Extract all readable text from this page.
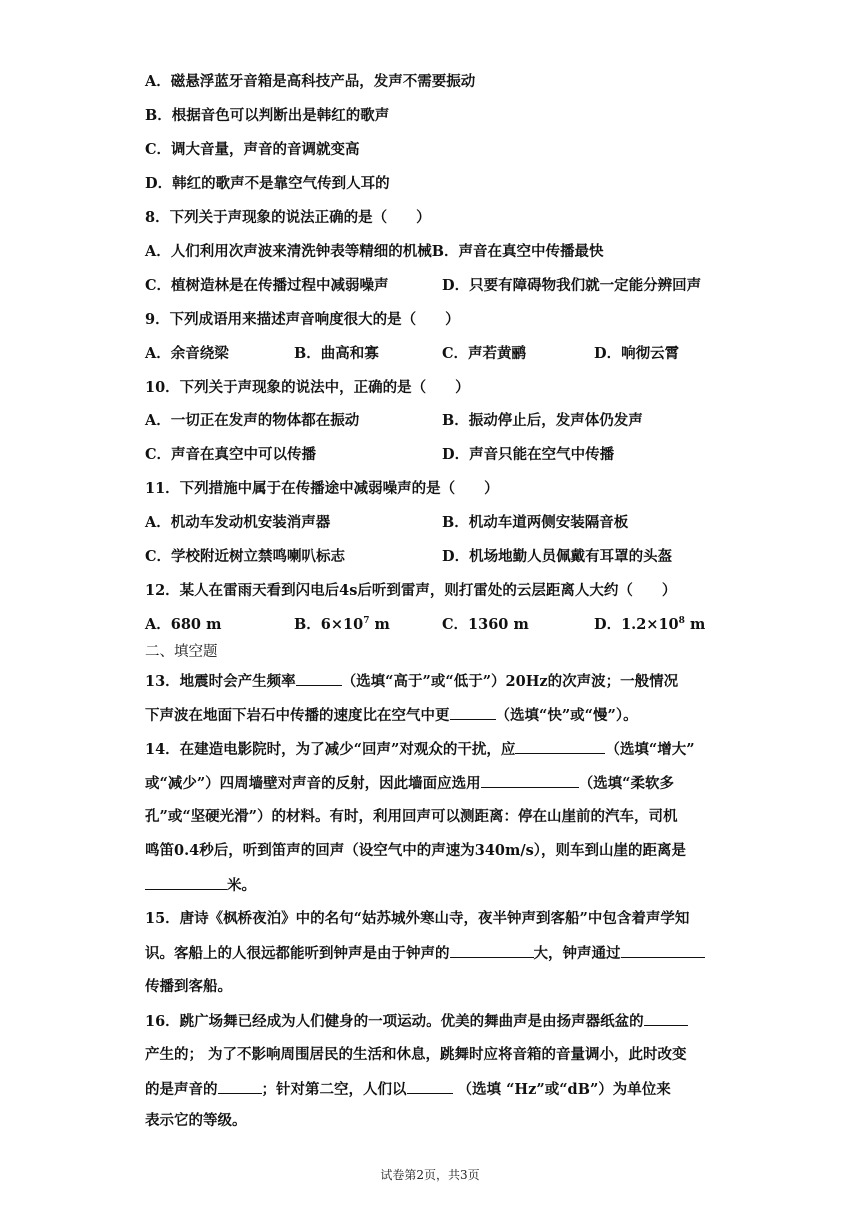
A．磁悬浮蓝牙音箱是高科技产品，发声不需要振动
B．根据音色可以判断出是韩红的歌声
C．调大音量，声音的音调就变高
D．韩红的歌声不是靠空气传到人耳的
8．下列关于声现象的说法正确的是（　　）
A．人们利用次声波来清洗钟表等精细的机械B．声音在真空中传播最快
C．植树造林是在传播过程中减弱噪声	D．只要有障碍物我们就一定能分辨回声
9．下列成语用来描述声音响度很大的是（　　）
A．余音绕梁	B．曲高和寡	C．声若黄鹂	D．响彻云霄
10．下列关于声现象的说法中，正确的是（　　）
A．一切正在发声的物体都在振动	B．振动停止后，发声体仍发声
C．声音在真空中可以传播	D．声音只能在空气中传播
11．下列措施中属于在传播途中减弱噪声的是（　　）
A．机动车发动机安装消声器	B．机动车道两侧安装隔音板
C．学校附近树立禁鸣喇叭标志	D．机场地勤人员佩戴有耳罩的头盔
12．某人在雷雨天看到闪电后4s后听到雷声，则打雷处的云层距离人大约（　　）
A．680 m	B．$6\times 10^7$ m	C．1360 m	D．$1.2\times 10^8$ m
二、填空题
13．地震时会产生频率	（选填“高于”或“低于”）20Hz的次声波；一般情况
下声波在地面下岩石中传播的速度比在空气中更	（选填“快”或“慢”）。
14．在建造电影院时，为了减少“回声”对观众的干扰，应	（选填“增大”
或“减少”）四周墙壁对声音的反射，因此墙面应选用	（选填“柔软多
孔”或“坚硬光滑”）的材料。有时，利用回声可以测距离：停在山崖前的汽车，司机
鸣笛0.4秒后，听到笛声的回声（设空气中的声速为340m/s），则车到山崖的距离是
米。
15．唐诗《枫桥夜泊》中的名句“姑苏城外寒山寺，夜半钟声到客船”中包含着声学知
识。客船上的人很远都能听到钟声是由于钟声的	大，钟声通过
传播到客船。
16．跳广场舞已经成为人们健身的一项运动。优美的舞曲声是由扬声器纸盆的
产生的； 为了不影响周围居民的生活和休息，跳舞时应将音箱的音量调小，此时改变
的是声音的	；针对第二空，人们以	（选填 “Hz”或“dB”）为单位来
表示它的等级。
试卷第2页，共3页
